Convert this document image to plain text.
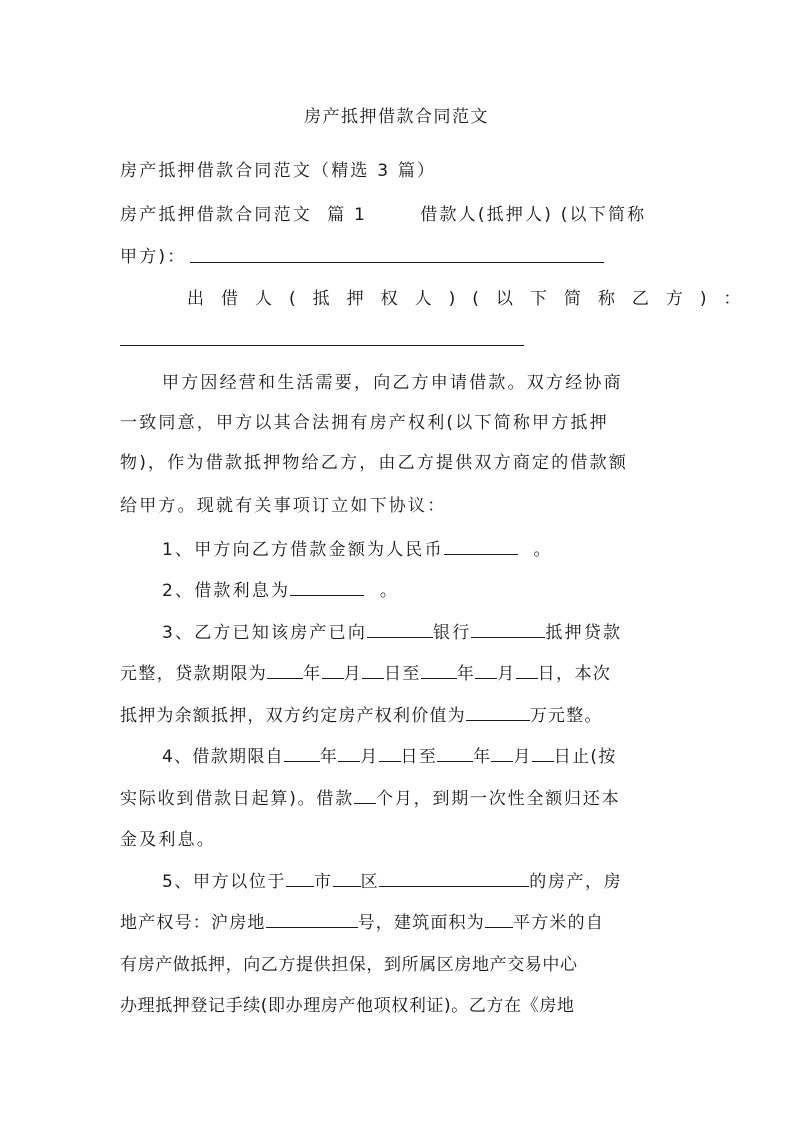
房产抵押借款合同范文
房产抵押借款合同范文（精选 3 篇）
房产抵押借款合同范文  篇 1       借款人(抵押人) (以下简称
甲方)：
出借人(抵押权人)(以下简称乙方)：
甲方因经营和生活需要，向乙方申请借款。双方经协商
一致同意，甲方以其合法拥有房产权利(以下简称甲方抵押
物)，作为借款抵押物给乙方，由乙方提供双方商定的借款额
给甲方。现就有关事项订立如下协议：
1、甲方向乙方借款金额为人民币	。
2、借款利息为	。
3、乙方已知该房产已向	银行	抵押贷款
元整，贷款期限为 年 月 日至 年 月 日，本次
抵押为余额抵押，双方约定房产权利价值为	万元整。
4、借款期限自 年 月 日至 年 月 日止(按
实际收到借款日起算)。借款 个月，到期一次性全额归还本
金及利息。
5、甲方以位于 市 区	的房产，房
地产权号：沪房地	号，建筑面积为 平方米的自
有房产做抵押，向乙方提供担保，到所属区房地产交易中心
办理抵押登记手续(即办理房产他项权利证)。乙方在《房地
